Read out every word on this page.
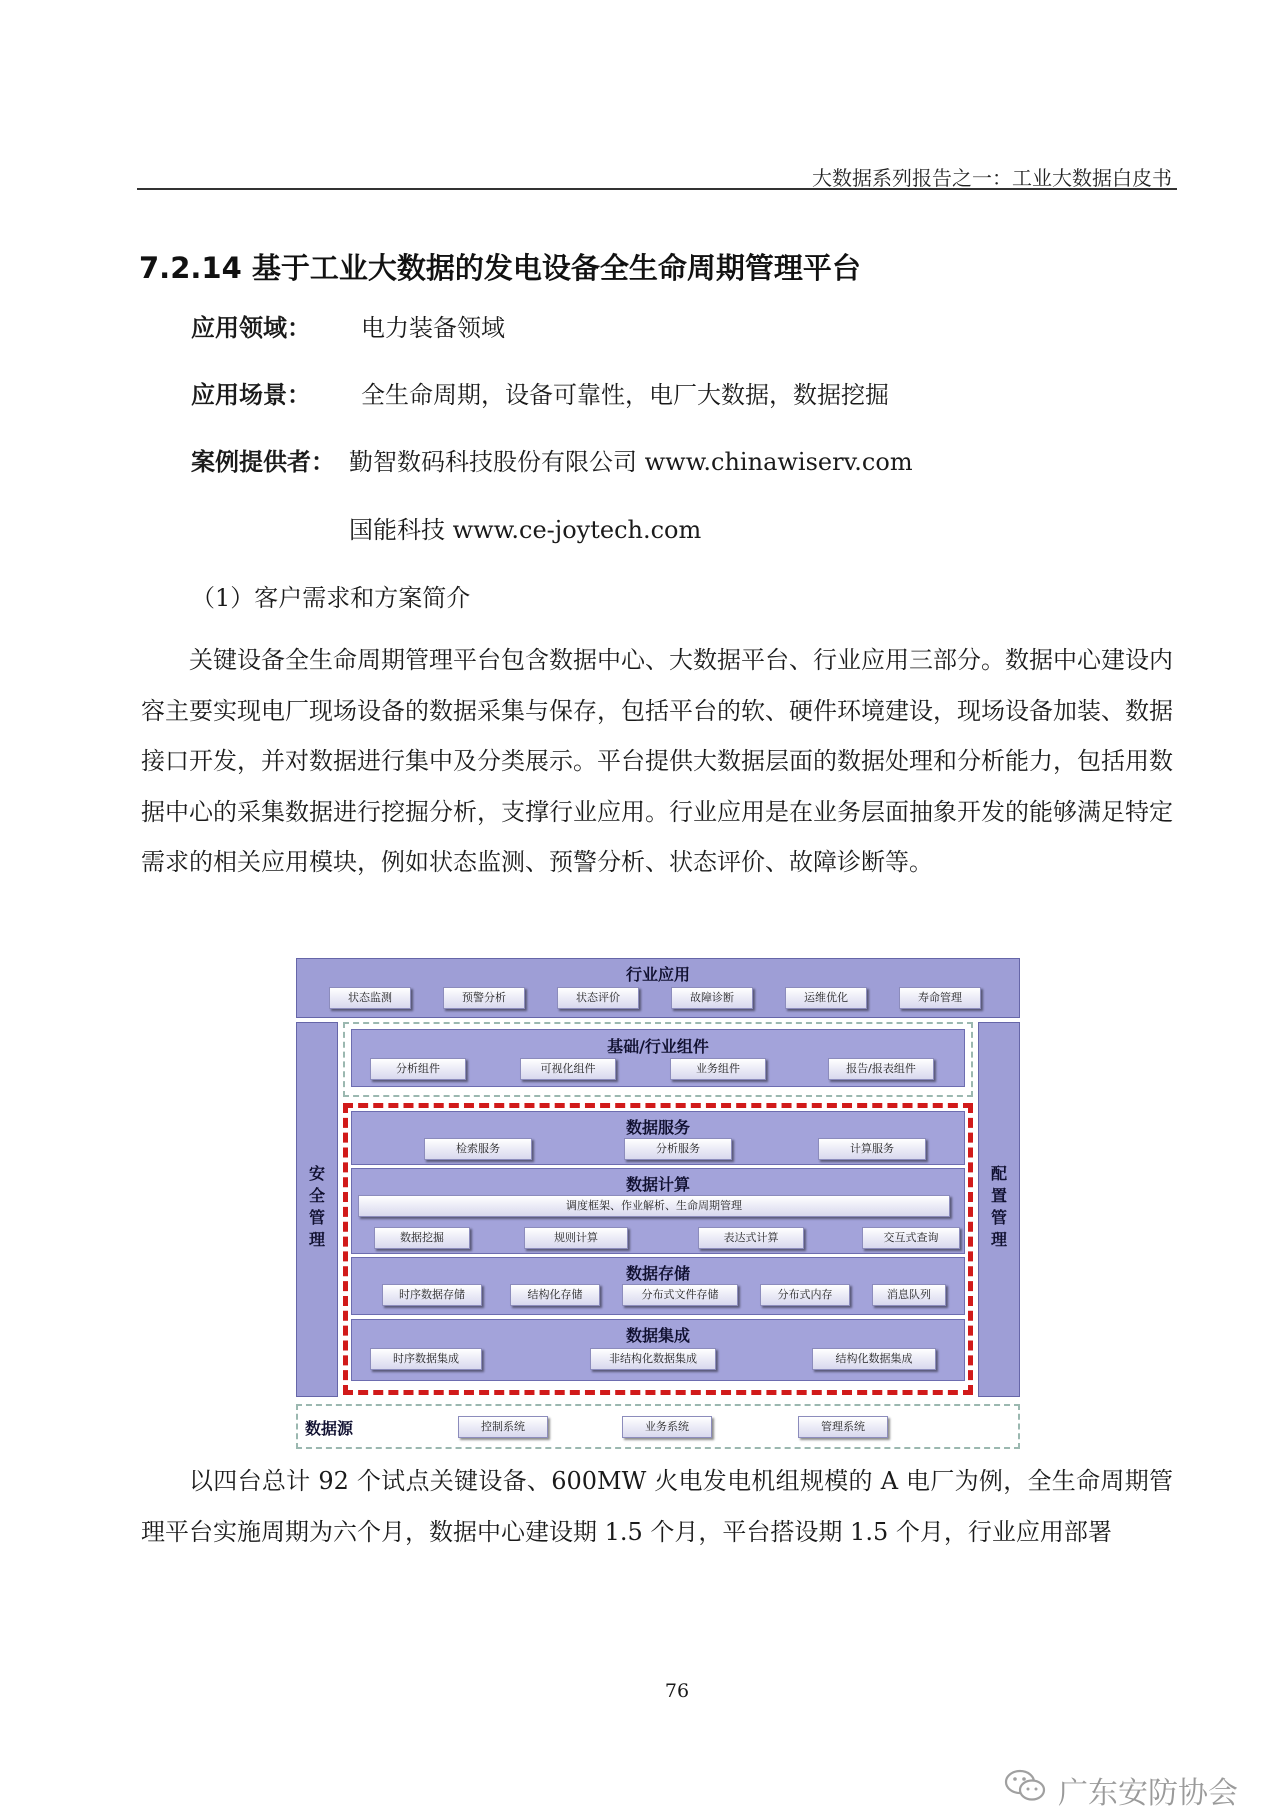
大数据系列报告之一：工业大数据白皮书
7.2.14 基于工业大数据的发电设备全生命周期管理平台
应用领域： 电力装备领域
应用场景： 全生命周期，设备可靠性，电厂大数据，数据挖掘
案例提供者： 勤智数码科技股份有限公司 www.chinawiserv.com
国能科技 www.ce-joytech.com
（1）客户需求和方案简介

关键设备全生命周期管理平台包含数据中心、大数据平台、行业应用三部分。数据中心建设内容主要实现电厂现场设备的数据采集与保存，包括平台的软、硬件环境建设，现场设备加装、数据接口开发，并对数据进行集中及分类展示。平台提供大数据层面的数据处理和分析能力，包括用数据中心的采集数据进行挖掘分析，支撑行业应用。行业应用是在业务层面抽象开发的能够满足特定需求的相关应用模块，例如状态监测、预警分析、状态评价、故障诊断等。

行业应用
状态监测	预警分析	状态评价	故障诊断	运维优化	寿命管理
安
全
管
理
配
置
管
理
基础/行业组件
分析组件	可视化组件	业务组件	报告/报表组件
数据服务
检索服务	分析服务	计算服务
数据计算
调度框架、作业解析、生命周期管理
数据挖掘	规则计算	表达式计算	交互式查询
数据存储
时序数据存储	结构化存储	分布式文件存储	分布式内存	消息队列
数据集成
时序数据集成	非结构化数据集成	结构化数据集成
数据源	控制系统	业务系统	管理系统

以四台总计 92 个试点关键设备、600MW 火电发电机组规模的 A 电厂为例，全生命周期管理平台实施周期为六个月，数据中心建设期 1.5 个月，平台搭设期 1.5 个月，行业应用部署

76
广东安防协会
